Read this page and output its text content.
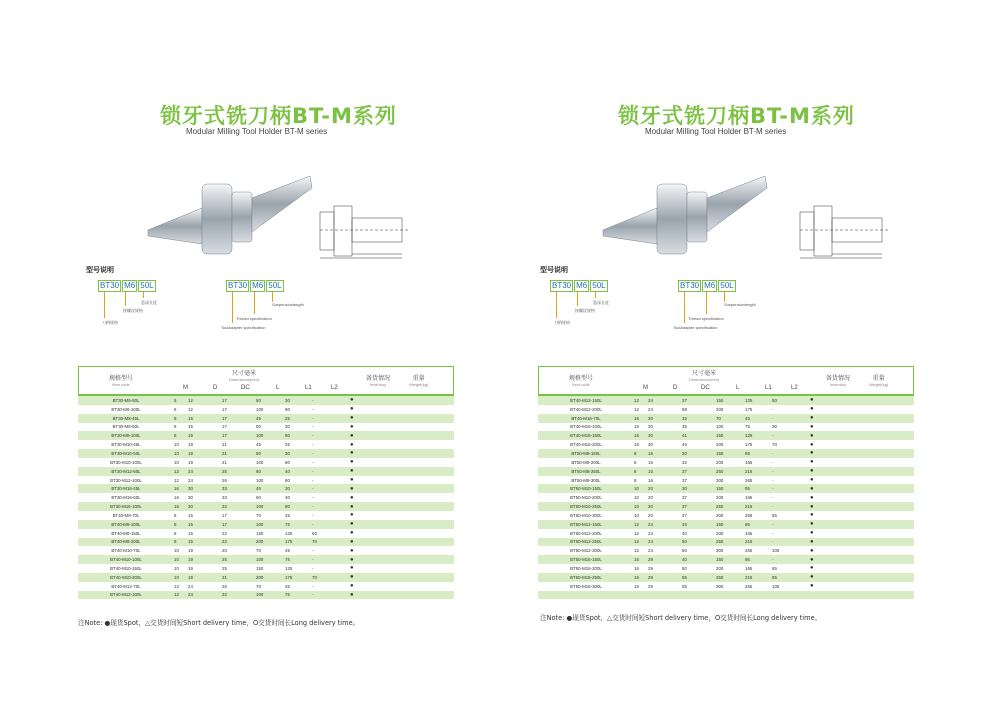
锁牙式铣刀柄BT-M系列
Modular Milling Tool Holder BT-M series
型号说明
BT30 M6 50L
刀柄规格
接螺纹规格
悬深长度
BT30 M6 50L
ToolAdapter specification
Thread specification
Suspensionlength
规格型号
Item code
尺寸毫米
Dimensions(mm)	备货情况
Inventory
重量
Weight(kg)
M	D	DC	L	L1	L2
BT30-M5-50L	5	12	17	50	30	-	●
BT30-M6-100L	6	12	17	100	80	-	●
BT30-M8-45L	8	15	17	45	25	-	●
BT30-M8-50L	8	15	17	50	30	-	●
BT30-M8-100L	8	15	17	100	80	-	●
BT30-M10-45L	10	19	21	45	25	-	●
BT30-M10-50L	10	19	21	50	30	-	●
BT30-M10-100L	10	19	21	100	80	-	●
BT30-M12-60L	12	24	25	60	40	-	●
BT30-M12-100L	12	24	26	100	80	-	●
BT30-M16-45L	16	30	33	45	30	-	●
BT30-M16-60L	16	30	33	60	40	-	●
BT30-M16-100L	16	30	32	100	80	-	●
BT40-M8-70L	8	15	17	70	45	-	●
BT40-M8-100L	8	15	17	100	75	-	●
BT40-M8-150L	8	15	22	150	125	60	●
BT40-M8-200L	8	15	22	200	175	70	●
BT40-M10-70L	10	19	20	70	45	-	●
BT40-M10-100L	10	19	25	100	75	-	●
BT40-M10-150L	10	19	25	150	125	-	●
BT40-M10-200L	10	19	31	200	175	70	●
BT40-M12-70L	12	24	26	70	45	-	●
BT40-M12-100L	12	24	32	100	75	-	●
注Note: ●现货Spot，△交货时间短Short delivery time，O交货时间长Long delivery time。
锁牙式铣刀柄BT-M系列
Modular Milling Tool Holder BT-M series
型号说明
BT30 M6 50L
刀柄规格
接螺纹规格
悬深长度
BT30 M6 50L
ToolAdapter specification
Thread specification
Suspensionlength
规格型号
Item code
尺寸毫米
Dimensions(mm)	备货情况
Inventory
重量
Weight(kg)
M	D	DC	L	L1	L2
BT40-M12-150L	12	24	37	150	125	50	●
BT40-M12-200L	12	24	68	200	175	-	●
BT40-M16-70L	16	30	32	70	45	-	●
BT40-M16-100L	16	30	36	100	75	30	●
BT40-M16-150L	16	30	41	150	125	-	●
BT40-M16-200L	16	30	46	200	175	70	●
BT50-M8-150L	8	16	30	150	95	-	●
BT50-M8-200L	8	16	32	200	165	-	●
BT50-M8-250L	8	16	37	250	215	-	●
BT50-M8-300L	8	16	37	300	265	-	●
BT50-M10-150L	10	20	30	150	95	-	●
BT50-M10-200L	10	20	37	200	165	-	●
BT50-M10-250L	10	20	37	250	215	-	●
BT50-M10-300L	10	20	37	300	265	85	●
BT50-M12-150L	12	24	33	150	95	-	●
BT50-M12-200L	12	24	40	200	165	-	●
BT50-M12-250L	12	24	50	250	215	-	●
BT50-M12-300L	12	24	50	300	265	105	●
BT50-M16-150L	16	29	40	150	95	-	●
BT50-M16-200L	16	29	50	200	165	65	●
BT50-M16-250L	16	29	55	250	215	85	●
BT50-M16-300L	16	29	55	300	265	105	●
注Note: ●现货Spot，△交货时间短Short delivery time，O交货时间长Long delivery time。
